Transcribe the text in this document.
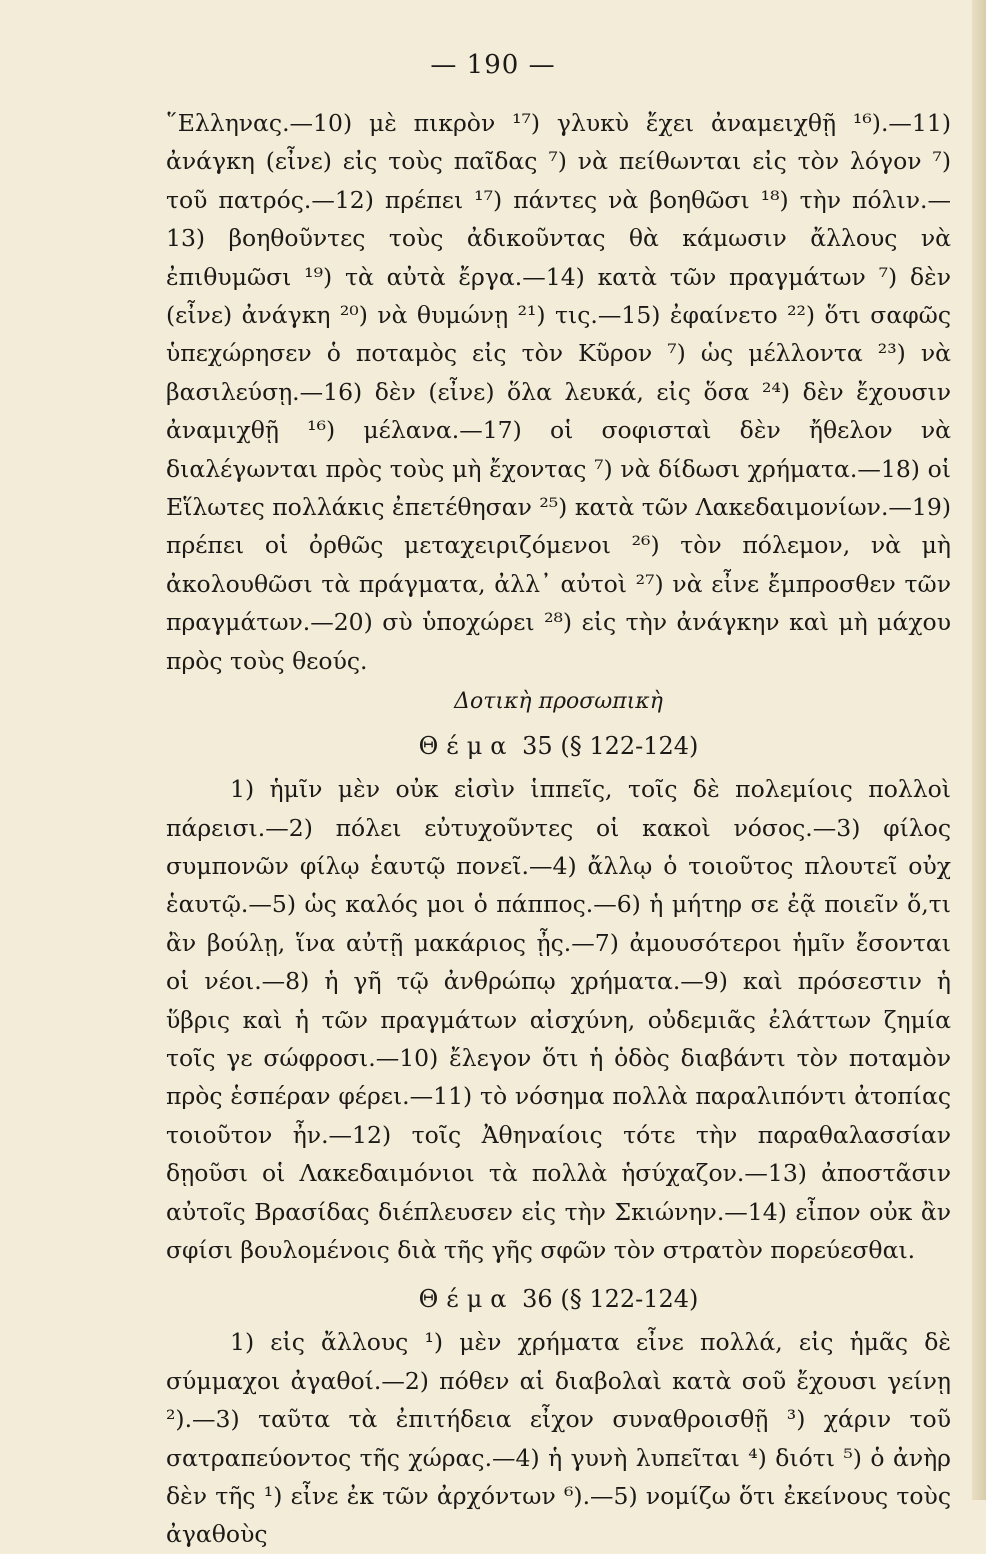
— 190 —

῞Ελληνας.—10) μὲ πικρὸν ¹⁷) γλυκὺ ἔχει ἀναμειχθῇ ¹⁶).—11) ἀνάγκη (εἶνε) εἰς τοὺς παῖδας ⁷) νὰ πείθωνται εἰς τὸν λόγον ⁷) τοῦ πατρός.—12) πρέπει ¹⁷) πάντες νὰ βοηθῶσι ¹⁸) τὴν πόλιν.—13) βοηθοῦντες τοὺς ἀδικοῦντας θὰ κάμωσιν ἄλλους νὰ ἐπιθυμῶσι ¹⁹) τὰ αὐτὰ ἔργα.—14) κατὰ τῶν πραγμάτων ⁷) δὲν (εἶνε) ἀνάγκη ²⁰) νὰ θυμώνῃ ²¹) τις.—15) ἐφαίνετο ²²) ὅτι σαφῶς ὑπεχώρησεν ὁ ποταμὸς εἰς τὸν Κῦρον ⁷) ὡς μέλλοντα ²³) νὰ βασιλεύσῃ.—16) δὲν (εἶνε) ὅλα λευκά, εἰς ὅσα ²⁴) δὲν ἔχουσιν ἀναμιχθῇ ¹⁶) μέλανα.—17) οἱ σοφισταὶ δὲν ἤθελον νὰ διαλέγωνται πρὸς τοὺς μὴ ἔχοντας ⁷) νὰ δίδωσι χρήματα.—18) οἱ Εἵλωτες πολλάκις ἐπετέθησαν ²⁵) κατὰ τῶν Λακεδαιμονίων.—19) πρέπει οἱ ὀρθῶς μεταχειριζόμενοι ²⁶) τὸν πόλεμον, νὰ μὴ ἀκολουθῶσι τὰ πράγματα, ἀλλ᾿ αὐτοὶ ²⁷) νὰ εἶνε ἔμπροσθεν τῶν πραγμάτων.—20) σὺ ὑποχώρει ²⁸) εἰς τὴν ἀνάγκην καὶ μὴ μάχου πρὸς τοὺς θεούς.

Δοτικὴ προσωπικὴ
Θέμα 35 (§ 122-124)

1) ἡμῖν μὲν οὐκ εἰσὶν ἱππεῖς, τοῖς δὲ πολεμίοις πολλοὶ πάρεισι.—2) πόλει εὐτυχοῦντες οἱ κακοὶ νόσος.—3) φίλος συμπονῶν φίλῳ ἑαυτῷ πονεῖ.—4) ἄλλῳ ὁ τοιοῦτος πλουτεῖ οὐχ ἑαυτῷ.—5) ὡς καλός μοι ὁ πάππος.—6) ἡ μήτηρ σε ἐᾷ ποιεῖν ὅ,τι ἂν βούλῃ, ἵνα αὐτῇ μακάριος ᾖς.—7) ἀμουσότεροι ἡμῖν ἔσονται οἱ νέοι.—8) ἡ γῆ τῷ ἀνθρώπῳ χρήματα.—9) καὶ πρόσεστιν ἡ ὕβρις καὶ ἡ τῶν πραγμάτων αἰσχύνη, οὐδεμιᾶς ἐλάττων ζημία τοῖς γε σώφροσι.—10) ἔλεγον ὅτι ἡ ὁδὸς διαβάντι τὸν ποταμὸν πρὸς ἑσπέραν φέρει.—11) τὸ νόσημα πολλὰ παραλιπόντι ἀτοπίας τοιοῦτον ἦν.—12) τοῖς Ἀθηναίοις τότε τὴν παραθαλασσίαν δῃοῦσι οἱ Λακεδαιμόνιοι τὰ πολλὰ ἡσύχαζον.—13) ἀποστᾶσιν αὐτοῖς Βρασίδας διέπλευσεν εἰς τὴν Σκιώνην.—14) εἶπον οὐκ ἂν σφίσι βουλομένοις διὰ τῆς γῆς σφῶν τὸν στρατὸν πορεύεσθαι.

Θέμα 36 (§ 122-124)

1) εἰς ἄλλους ¹) μὲν χρήματα εἶνε πολλά, εἰς ἡμᾶς δὲ σύμμαχοι ἀγαθοί.—2) πόθεν αἱ διαβολαὶ κατὰ σοῦ ἔχουσι γείνῃ ²).—3) ταῦτα τὰ ἐπιτήδεια εἶχον συναθροισθῇ ³) χάριν τοῦ σατραπεύοντος τῆς χώρας.—4) ἡ γυνὴ λυπεῖται ⁴) διότι ⁵) ὁ ἀνὴρ δὲν τῆς ¹) εἶνε ἐκ τῶν ἀρχόντων ⁶).—5) νομίζω ὅτι ἐκείνους τοὺς ἀγαθοὺς
